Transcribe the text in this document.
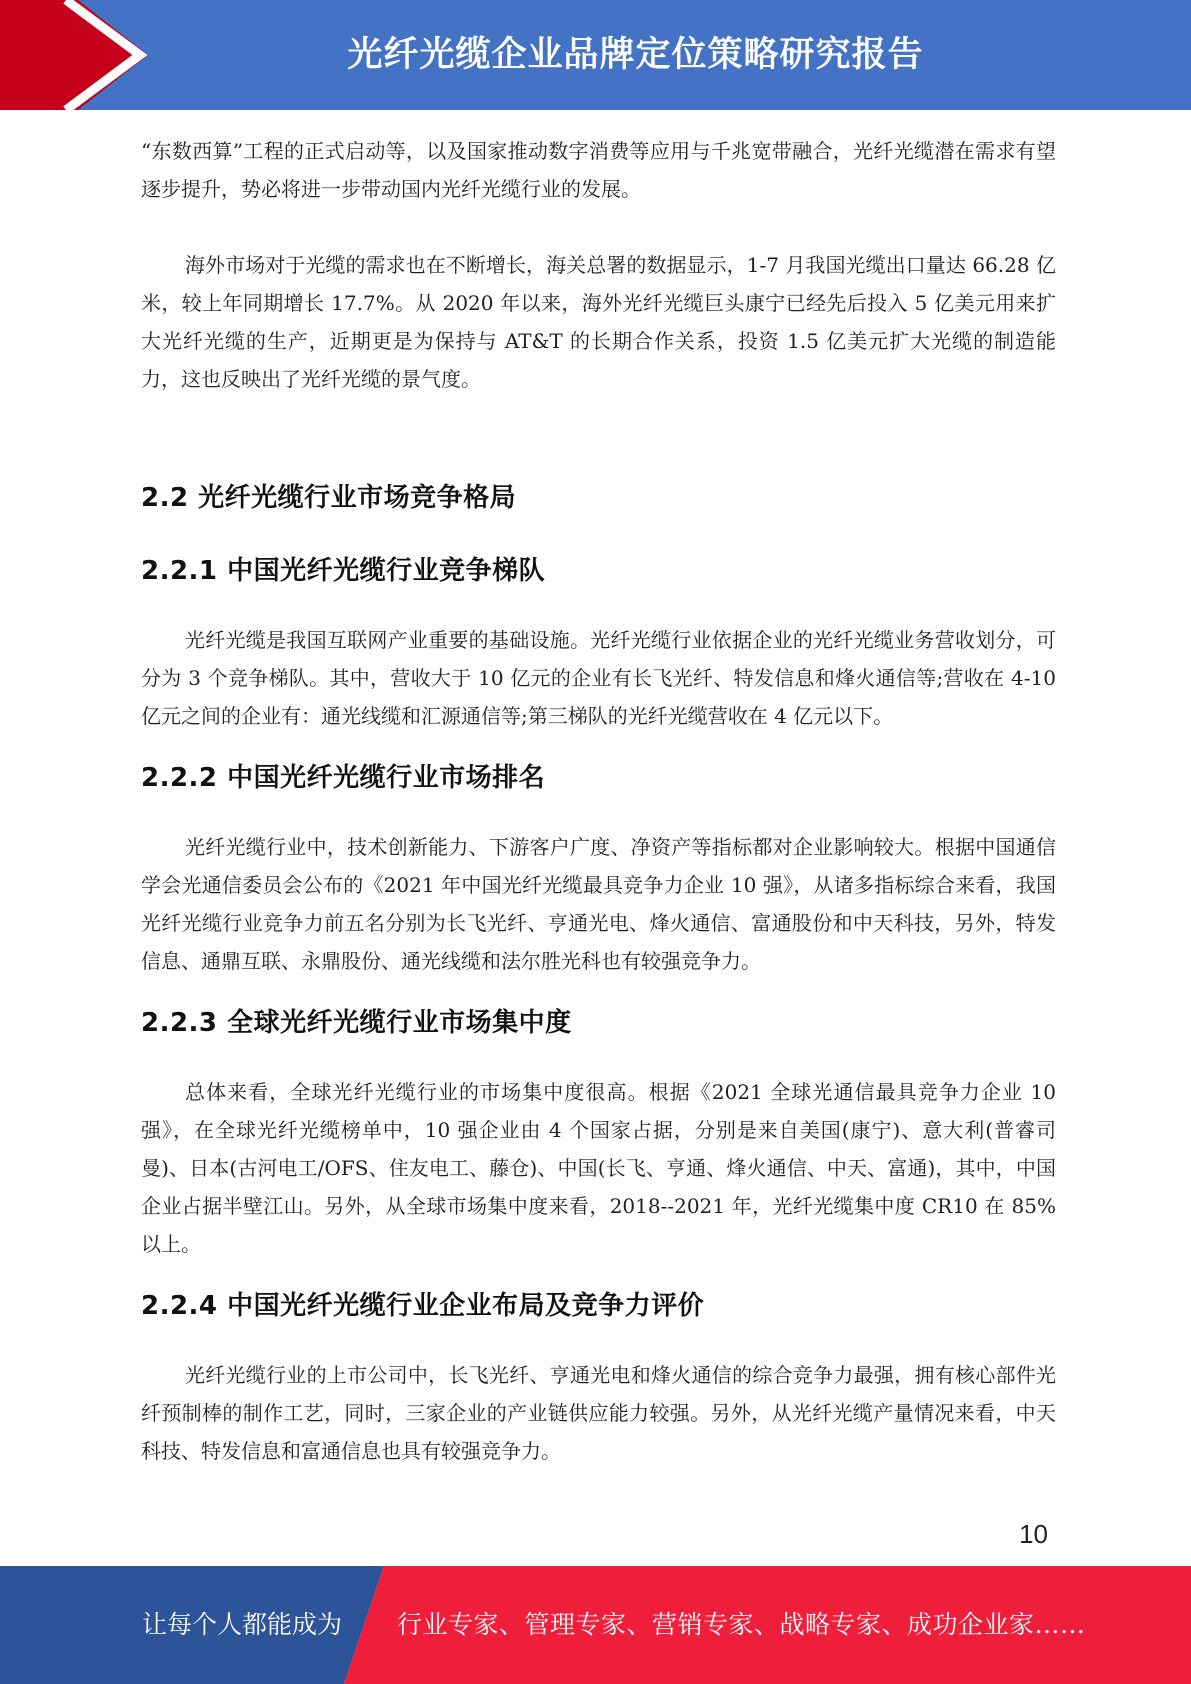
光纤光缆企业品牌定位策略研究报告

“东数西算”工程的正式启动等，以及国家推动数字消费等应用与千兆宽带融合，光纤光缆潜在需求有望逐步提升，势必将进一步带动国内光纤光缆行业的发展。

海外市场对于光缆的需求也在不断增长，海关总署的数据显示，1-7 月我国光缆出口量达 66.28 亿米，较上年同期增长 17.7%。从 2020 年以来，海外光纤光缆巨头康宁已经先后投入 5 亿美元用来扩大光纤光缆的生产，近期更是为保持与 AT&T 的长期合作关系，投资 1.5 亿美元扩大光缆的制造能力，这也反映出了光纤光缆的景气度。

2.2 光纤光缆行业市场竞争格局
2.2.1 中国光纤光缆行业竞争梯队

光纤光缆是我国互联网产业重要的基础设施。光纤光缆行业依据企业的光纤光缆业务营收划分，可分为 3 个竞争梯队。其中，营收大于 10 亿元的企业有长飞光纤、特发信息和烽火通信等;营收在 4-10 亿元之间的企业有：通光线缆和汇源通信等;第三梯队的光纤光缆营收在 4 亿元以下。

2.2.2 中国光纤光缆行业市场排名

光纤光缆行业中，技术创新能力、下游客户广度、净资产等指标都对企业影响较大。根据中国通信学会光通信委员会公布的《2021 年中国光纤光缆最具竞争力企业 10 强》，从诸多指标综合来看，我国光纤光缆行业竞争力前五名分别为长飞光纤、亨通光电、烽火通信、富通股份和中天科技，另外，特发信息、通鼎互联、永鼎股份、通光线缆和法尔胜光科也有较强竞争力。

2.2.3 全球光纤光缆行业市场集中度

总体来看，全球光纤光缆行业的市场集中度很高。根据《2021 全球光通信最具竞争力企业 10 强》，在全球光纤光缆榜单中，10 强企业由 4 个国家占据，分别是来自美国(康宁)、意大利(普睿司曼)、日本(古河电工/OFS、住友电工、藤仓)、中国(长飞、亨通、烽火通信、中天、富通)，其中，中国企业占据半壁江山。另外，从全球市场集中度来看，2018--2021 年，光纤光缆集中度 CR10 在 85%以上。

2.2.4 中国光纤光缆行业企业布局及竞争力评价

光纤光缆行业的上市公司中，长飞光纤、亨通光电和烽火通信的综合竞争力最强，拥有核心部件光纤预制棒的制作工艺，同时，三家企业的产业链供应能力较强。另外，从光纤光缆产量情况来看，中天科技、特发信息和富通信息也具有较强竞争力。

10
让每个人都能成为 行业专家、管理专家、营销专家、战略专家、成功企业家……
